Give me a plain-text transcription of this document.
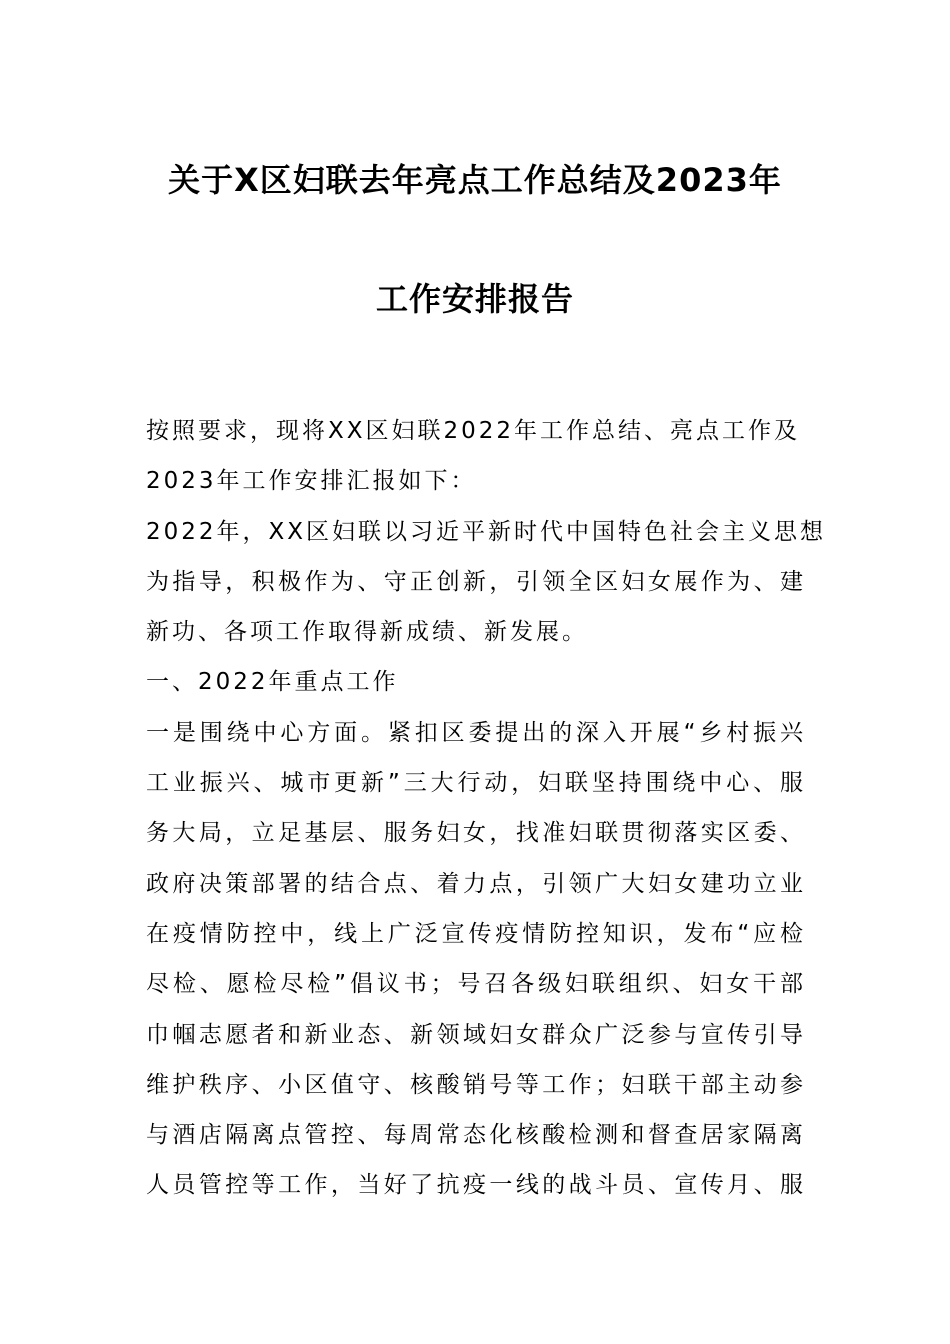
关于X区妇联去年亮点工作总结及2023年
工作安排报告
按照要求，现将XX区妇联2022年工作总结、亮点工作及
2023年工作安排汇报如下：
2022年，XX区妇联以习近平新时代中国特色社会主义思想
为指导，积极作为、守正创新，引领全区妇女展作为、建
新功、各项工作取得新成绩、新发展。
一、2022年重点工作
一是围绕中心方面。紧扣区委提出的深入开展“乡村振兴
工业振兴、城市更新”三大行动，妇联坚持围绕中心、服
务大局，立足基层、服务妇女，找准妇联贯彻落实区委、
政府决策部署的结合点、着力点，引领广大妇女建功立业
在疫情防控中，线上广泛宣传疫情防控知识，发布“应检
尽检、愿检尽检”倡议书；号召各级妇联组织、妇女干部
巾帼志愿者和新业态、新领域妇女群众广泛参与宣传引导
维护秩序、小区值守、核酸销号等工作；妇联干部主动参
与酒店隔离点管控、每周常态化核酸检测和督查居家隔离
人员管控等工作，当好了抗疫一线的战斗员、宣传月、服
